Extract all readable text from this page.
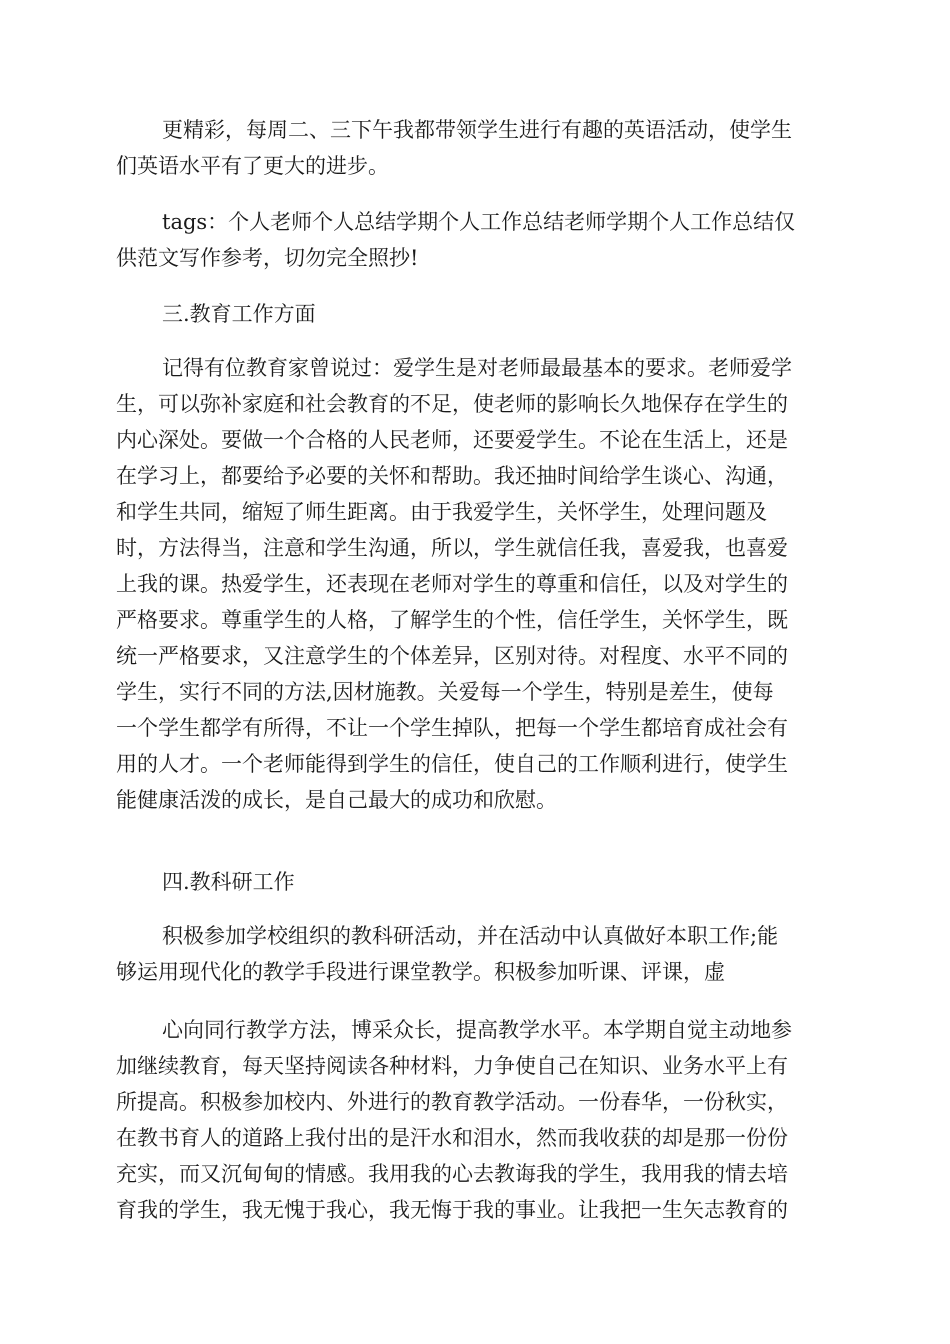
更精彩，每周二、三下午我都带领学生进行有趣的英语活动，使学生
们英语水平有了更大的进步。

tags：个人老师个人总结学期个人工作总结老师学期个人工作总结仅
供范文写作参考，切勿完全照抄!

三.教育工作方面

记得有位教育家曾说过：爱学生是对老师最最基本的要求。老师爱学
生，可以弥补家庭和社会教育的不足，使老师的影响长久地保存在学生的
内心深处。要做一个合格的人民老师，还要爱学生。不论在生活上，还是
在学习上，都要给予必要的关怀和帮助。我还抽时间给学生谈心、沟通，
和学生共同，缩短了师生距离。由于我爱学生，关怀学生，处理问题及
时，方法得当，注意和学生沟通，所以，学生就信任我，喜爱我，也喜爱
上我的课。热爱学生，还表现在老师对学生的尊重和信任，以及对学生的
严格要求。尊重学生的人格，了解学生的个性，信任学生，关怀学生，既
统一严格要求，又注意学生的个体差异，区别对待。对程度、水平不同的
学生，实行不同的方法,因材施教。关爱每一个学生，特别是差生，使每
一个学生都学有所得，不让一个学生掉队，把每一个学生都培育成社会有
用的人才。一个老师能得到学生的信任，使自己的工作顺利进行，使学生
能健康活泼的成长，是自己最大的成功和欣慰。

四.教科研工作

积极参加学校组织的教科研活动，并在活动中认真做好本职工作;能
够运用现代化的教学手段进行课堂教学。积极参加听课、评课，虚

心向同行教学方法，博采众长，提高教学水平。本学期自觉主动地参
加继续教育，每天坚持阅读各种材料，力争使自己在知识、业务水平上有
所提高。积极参加校内、外进行的教育教学活动。一份春华，一份秋实，
在教书育人的道路上我付出的是汗水和泪水，然而我收获的却是那一份份
充实，而又沉甸甸的情感。我用我的心去教诲我的学生，我用我的情去培
育我的学生，我无愧于我心，我无悔于我的事业。让我把一生矢志教育的
